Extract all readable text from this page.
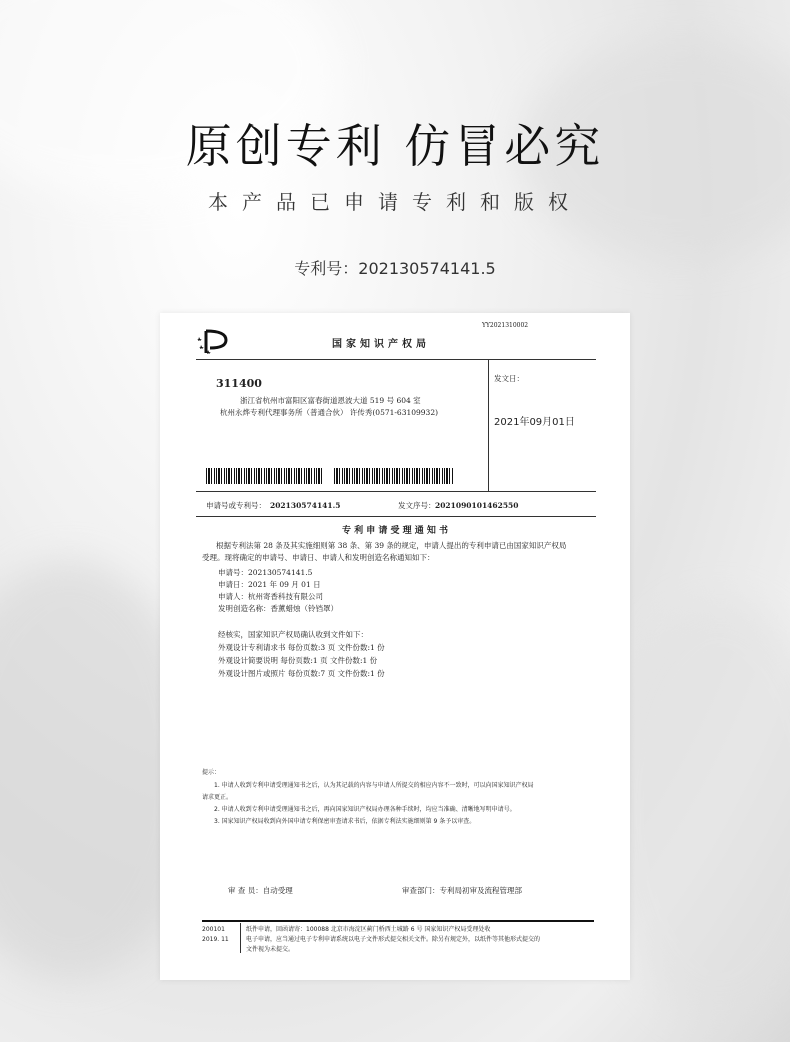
原创专利 仿冒必究
本产品已申请专利和版权
专利号：202130574141.5
YY2021310002
国家知识产权局
311400
浙江省杭州市富阳区富春街道恩波大道 519 号 604 室
杭州永烨专利代理事务所（普通合伙） 许传秀(0571-63109932)
发文日：
2021年09月01日
申请号或专利号： 202130574141.5	发文序号： 2021090101462550
专 利 申 请 受 理 通 知 书
根据专利法第 28 条及其实施细则第 38 条、第 39 条的规定，申请人提出的专利申请已由国家知识产权局
受理。现将确定的申请号、申请日、申请人和发明创造名称通知如下：
申请号：202130574141.5
申请日：2021 年 09 月 01 日
申请人：杭州寄香科技有限公司
发明创造名称：香薰蜡烛（铃铛罩）
经核实，国家知识产权局确认收到文件如下：
外观设计专利请求书 每份页数:3 页 文件份数:1 份
外观设计简要说明 每份页数:1 页 文件份数:1 份
外观设计图片或照片 每份页数:7 页 文件份数:1 份
提示：
1. 申请人收到专利申请受理通知书之后，认为其记载的内容与申请人所提交的相应内容不一致时，可以向国家知识产权局
请求更正。
2. 申请人收到专利申请受理通知书之后，再向国家知识产权局办理各种手续时，均应当准确、清晰地写明申请号。
3. 国家知识产权局收到向外国申请专利保密审查请求书后，依据专利法实施细则第 9 条予以审查。
审 查 员：自动受理	审查部门：专利局初审及流程管理部
200101
2019. 11
纸件申请，回函请寄：100088 北京市海淀区蓟门桥西土城路 6 号 国家知识产权局受理处收
电子申请，应当通过电子专利申请系统以电子文件形式提交相关文件。除另有规定外，以纸件等其他形式提交的
文件视为未提交。
